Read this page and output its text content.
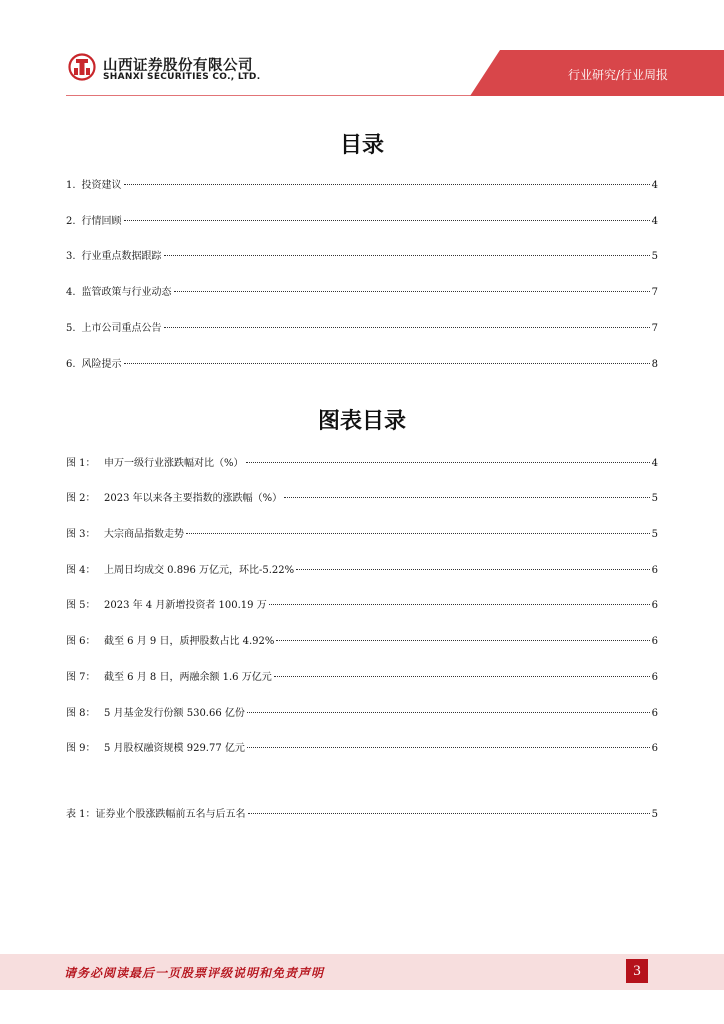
山西证券股份有限公司
SHANXI SECURITIES CO., LTD.	行业研究/行业周报
目录
1. 投资建议	4
2. 行情回顾	4
3. 行业重点数据跟踪	5
4. 监管政策与行业动态	7
5. 上市公司重点公告	7
6. 风险提示	8
图表目录
图 1： 申万一级行业涨跌幅对比（%）	4
图 2： 2023 年以来各主要指数的涨跌幅（%）	5
图 3： 大宗商品指数走势	5
图 4： 上周日均成交 0.896 万亿元，环比-5.22%	6
图 5： 2023 年 4 月新增投资者 100.19 万	6
图 6： 截至 6 月 9 日，质押股数占比 4.92%	6
图 7： 截至 6 月 8 日，两融余额 1.6 万亿元	6
图 8： 5 月基金发行份额 530.66 亿份	6
图 9： 5 月股权融资规模 929.77 亿元	6
表 1：证券业个股涨跌幅前五名与后五名	5
请务必阅读最后一页股票评级说明和免责声明	3
